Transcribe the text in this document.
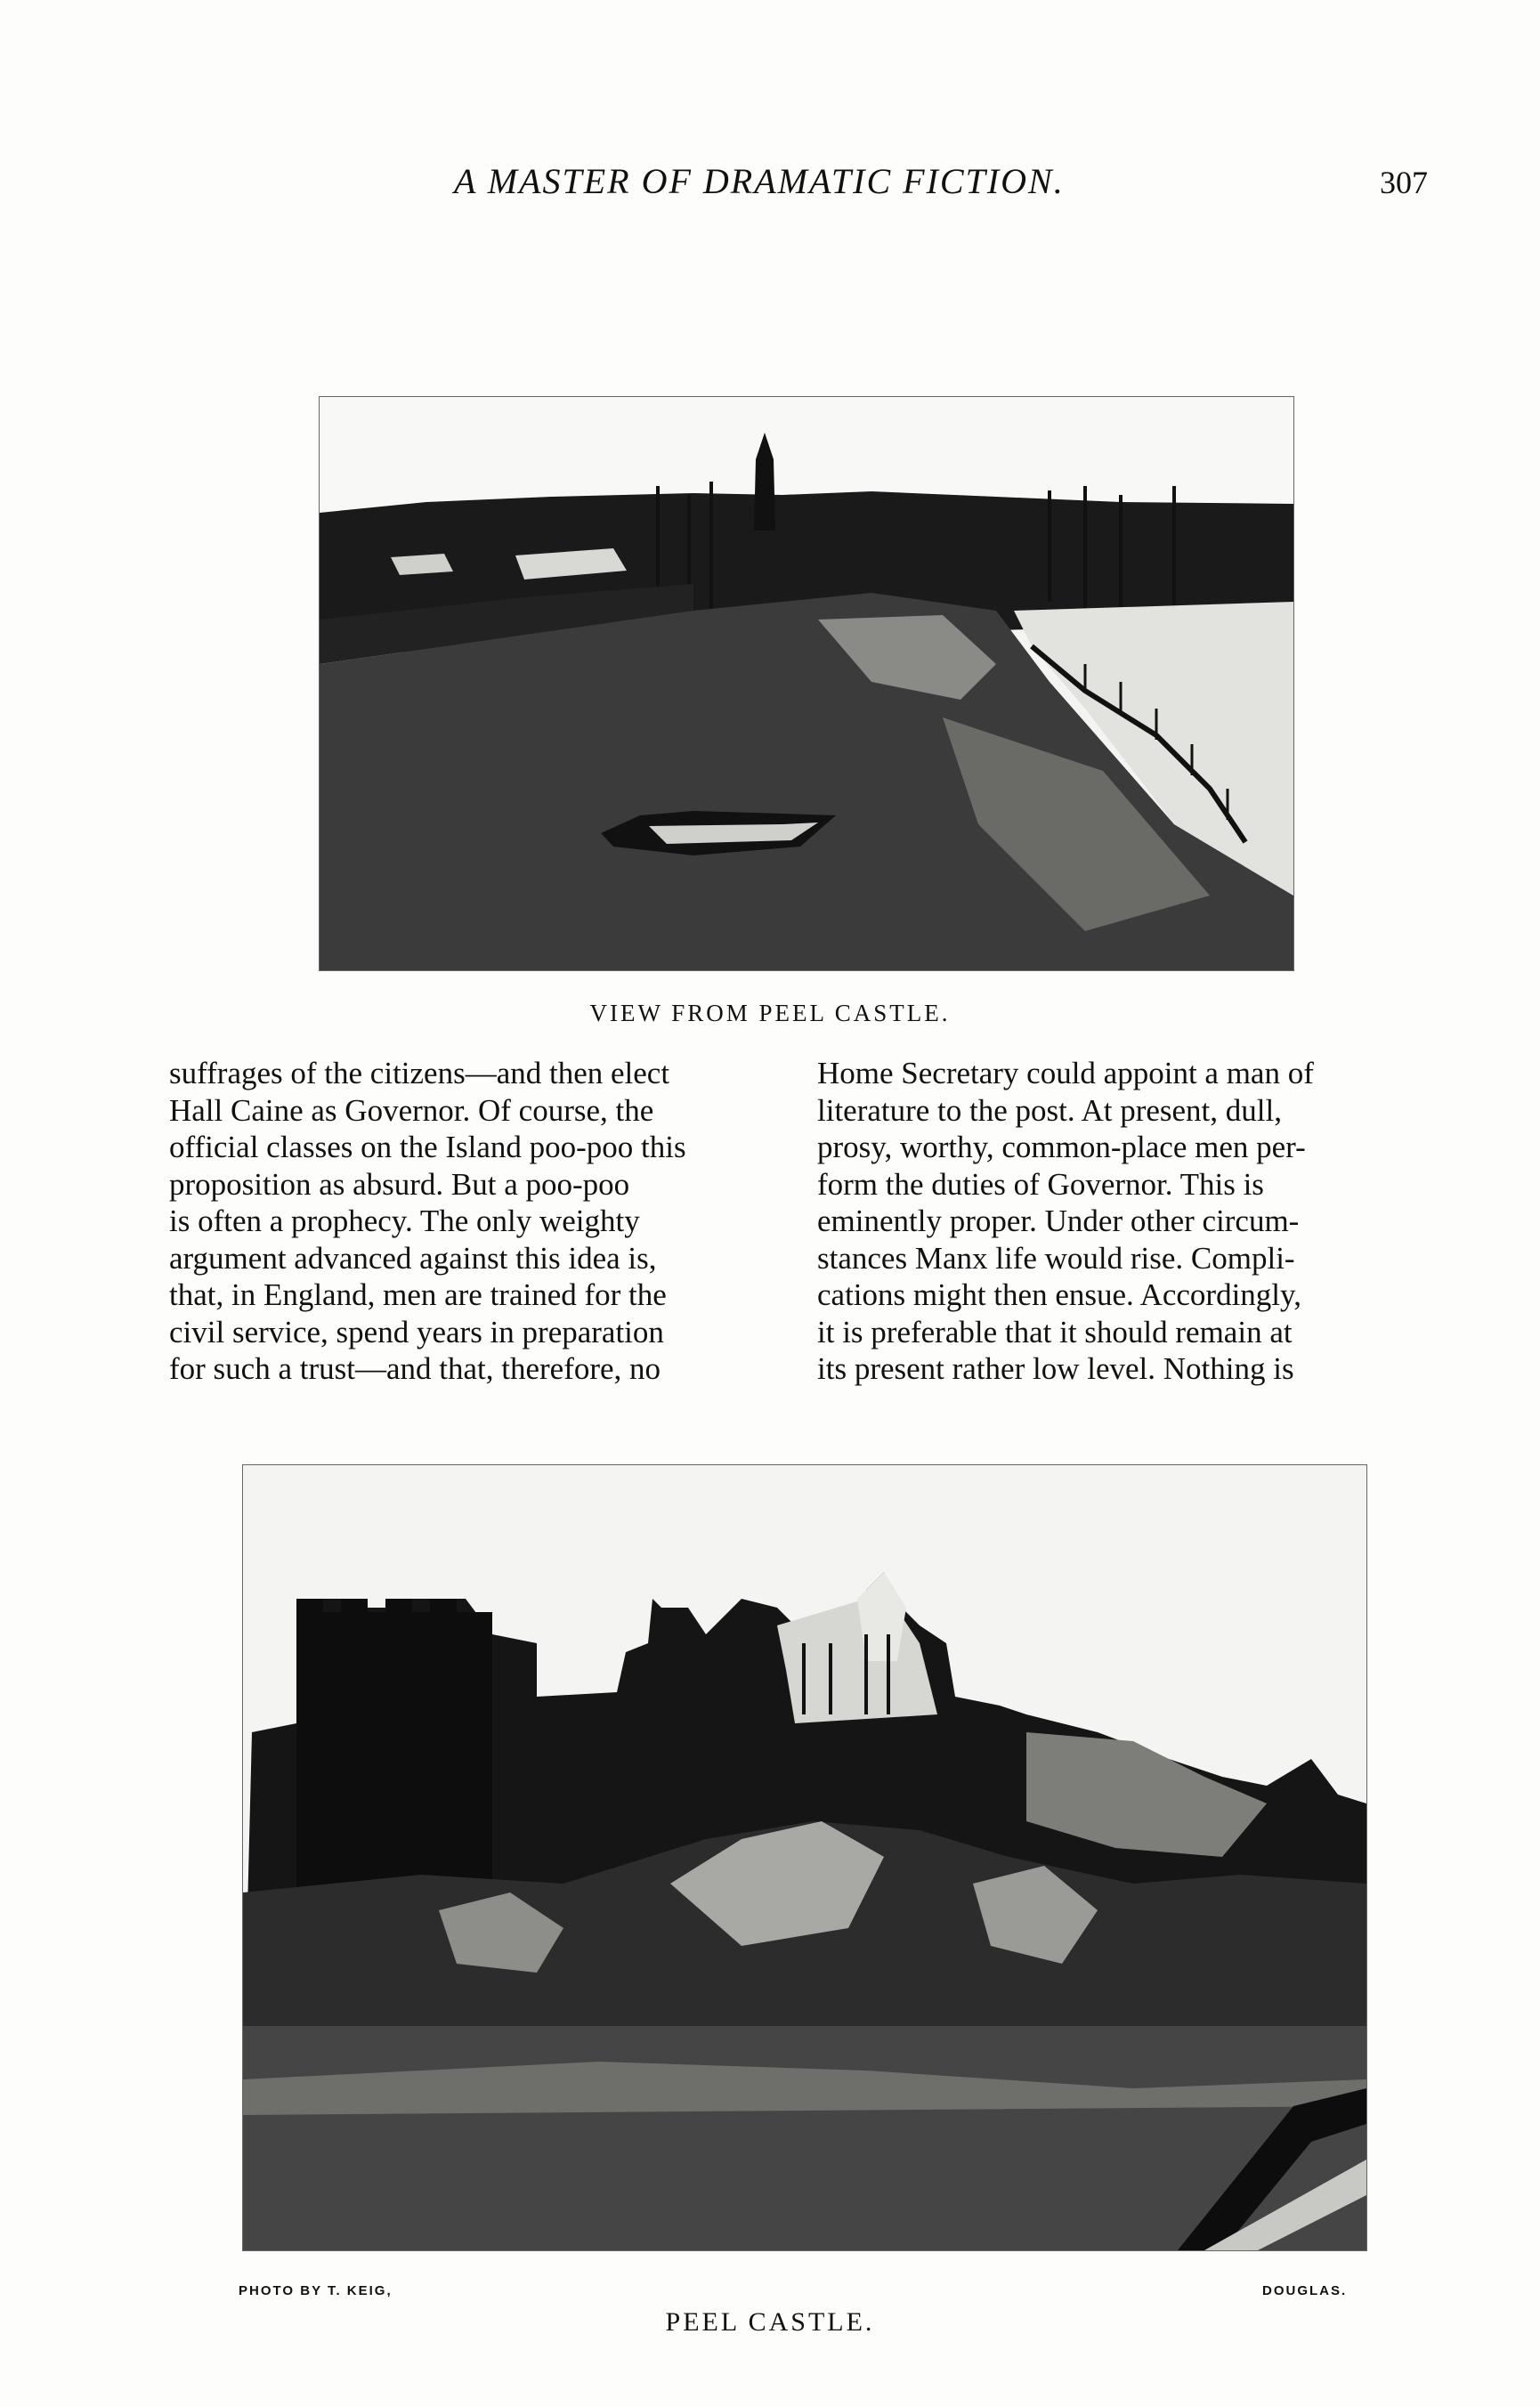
A MASTER OF DRAMATIC FICTION.	307
VIEW FROM PEEL CASTLE.
suffrages of the citizens—and then elect
Hall Caine as Governor. Of course, the
official classes on the Island poo-poo this
proposition as absurd. But a poo-poo
is often a prophecy. The only weighty
argument advanced against this idea is,
that, in England, men are trained for the
civil service, spend years in preparation
for such a trust—and that, therefore, no
Home Secretary could appoint a man of
literature to the post. At present, dull,
prosy, worthy, common-place men per-
form the duties of Governor. This is
eminently proper. Under other circum-
stances Manx life would rise. Compli-
cations might then ensue. Accordingly,
it is preferable that it should remain at
its present rather low level. Nothing is
PHOTO BY T. KEIG,	DOUGLAS.
PEEL CASTLE.
